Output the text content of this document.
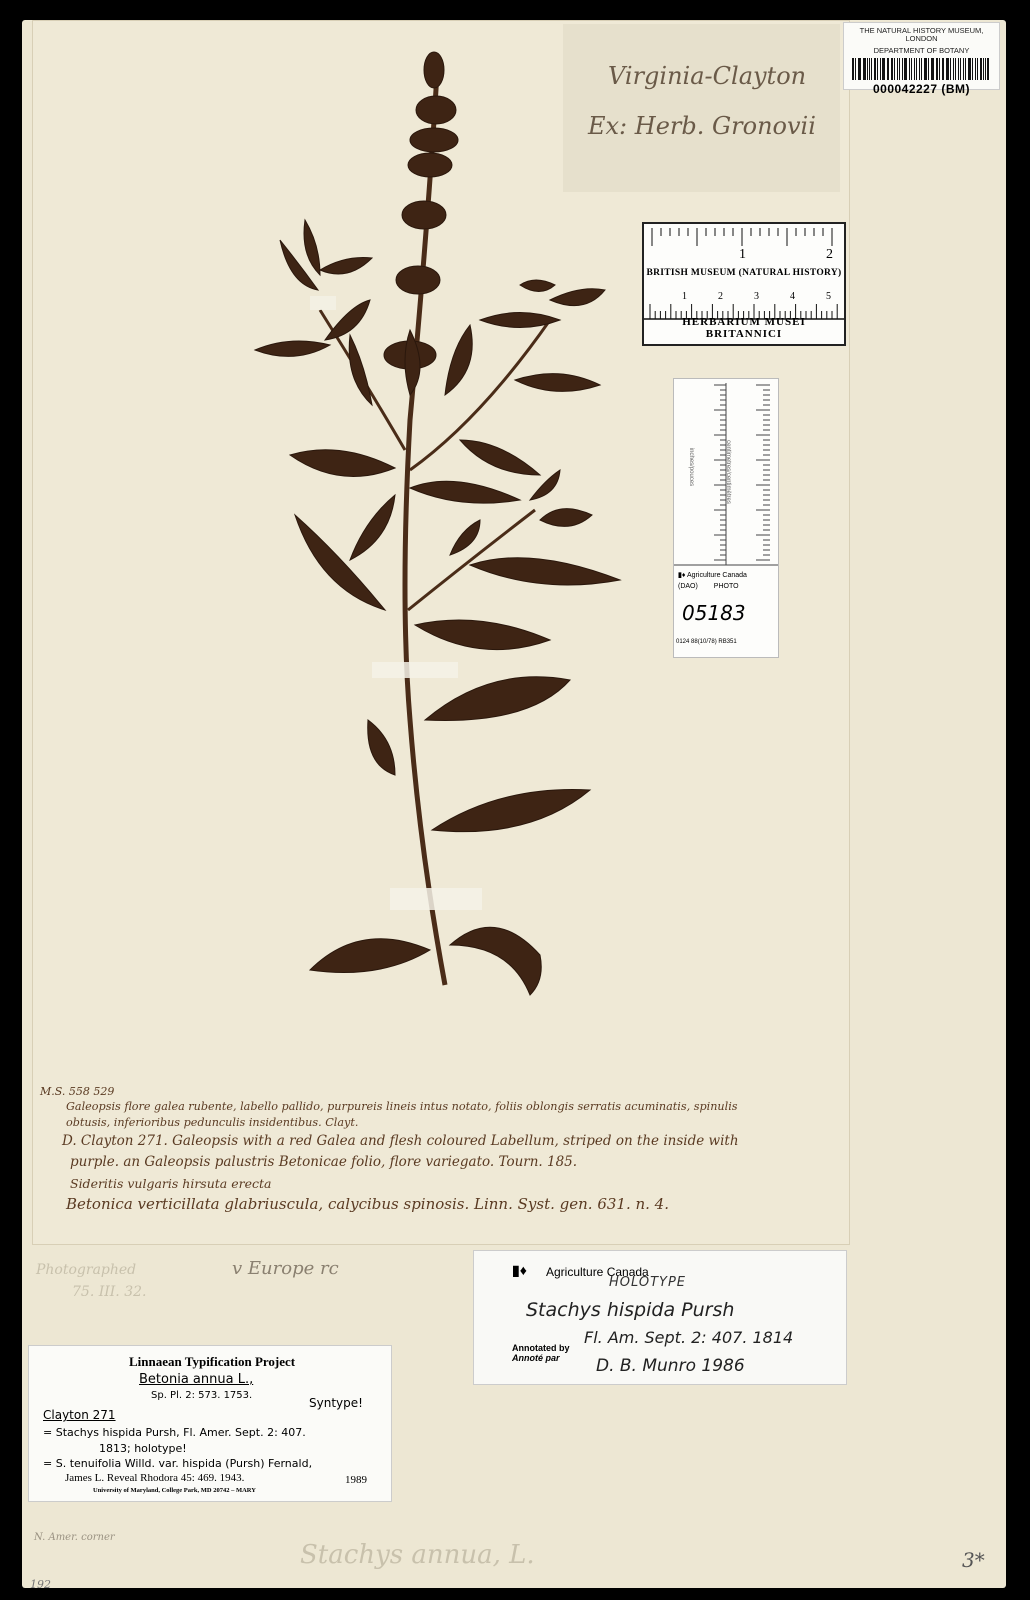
THE NATURAL HISTORY MUSEUM, LONDON
DEPARTMENT OF BOTANY
000042227 (BM)
Virginia-Clayton
Ex: Herb. Gronovii
1	2
1	2	3	4	5
BRITISH MUSEUM (NATURAL HISTORY)
HERBARIUM MUSEI BRITANNICI
inches/pouces	centimetres/centimètres
▮♦ Agriculture Canada
(DAO) PHOTO
05183
0124 88(10/78) RB351
M.S. 558 529
Galeopsis flore galea rubente, labello pallido, purpureis lineis intus notato, foliis oblongis serratis acuminatis, spinulis
obtusis, inferioribus pedunculis insidentibus. Clayt.
D. Clayton 271. Galeopsis with a red Galea and flesh coloured Labellum, striped on the inside with
purple. an Galeopsis palustris Betonicae folio, flore variegato. Tourn. 185.
Sideritis vulgaris hirsuta erecta
Betonica verticillata glabriuscula, calycibus spinosis. Linn. Syst. gen. 631. n. 4.
Photographed
75. III. 32.
v Europe rc
N. Amer. corner
192
Stachys annua, L.	3*
▮♦ Agriculture Canada
HOLOTYPE
Stachys hispida Pursh
Fl. Am. Sept. 2: 407. 1814
Annotated by
Annoté par	D. B. Munro 1986
Linnaean Typification Project
Betonia annua L.,
Sp. Pl. 2: 573. 1753.
Syntype!
Clayton 271
= Stachys hispida Pursh, Fl. Amer. Sept. 2: 407.
1813; holotype!
= S. tenuifolia Willd. var. hispida (Pursh) Fernald,
James L. Reveal Rhodora 45: 469. 1943.	1989
University of Maryland, College Park, MD 20742 – MARY
